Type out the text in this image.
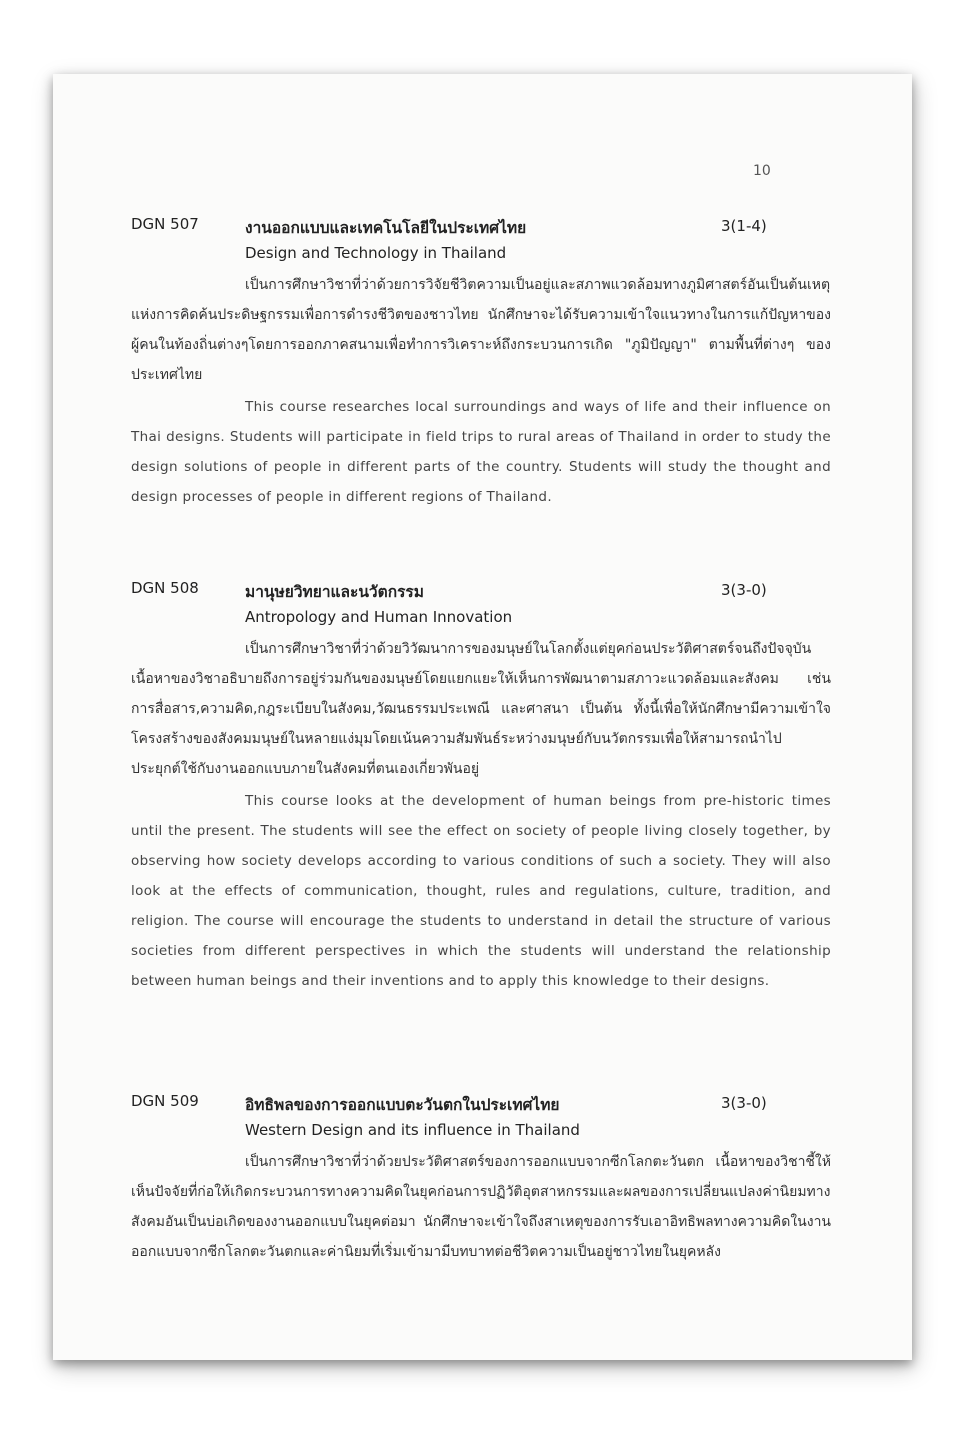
10
DGN 507	งานออกแบบและเทคโนโลยีในประเทศไทย	3(1-4)
Design and Technology in Thailand

เป็นการศึกษาวิชาที่ว่าด้วยการวิจัยชีวิตความเป็นอยู่และสภาพแวดล้อมทางภูมิศาสตร์อันเป็นต้นเหตุแห่งการคิดค้นประดิษฐกรรมเพื่อการดำรงชีวิตของชาวไทย นักศึกษาจะได้รับความเข้าใจแนวทางในการแก้ปัญหาของผู้คนในท้องถิ่นต่างๆโดยการออกภาคสนามเพื่อทำการวิเคราะห์ถึงกระบวนการเกิด "ภูมิปัญญา" ตามพื้นที่ต่างๆ ของประเทศไทย

This course researches local surroundings and ways of life and their influence on Thai designs. Students will participate in field trips to rural areas of Thailand in order to study the design solutions of people in different parts of the country. Students will study the thought and design processes of people in different regions of Thailand.

DGN 508	มานุษยวิทยาและนวัตกรรม	3(3-0)
Antropology and Human Innovation

เป็นการศึกษาวิชาที่ว่าด้วยวิวัฒนาการของมนุษย์ในโลกตั้งแต่ยุคก่อนประวัติศาสตร์จนถึงปัจจุบัน เนื้อหาของวิชาอธิบายถึงการอยู่ร่วมกันของมนุษย์โดยแยกแยะให้เห็นการพัฒนาตามสภาวะแวดล้อมและสังคม เช่น การสื่อสาร,ความคิด,กฎระเบียบในสังคม,วัฒนธรรมประเพณี และศาสนา เป็นต้น ทั้งนี้เพื่อให้นักศึกษามีความเข้าใจโครงสร้างของสังคมมนุษย์ในหลายแง่มุมโดยเน้นความสัมพันธ์ระหว่างมนุษย์กับนวัตกรรมเพื่อให้สามารถนำไปประยุกต์ใช้กับงานออกแบบภายในสังคมที่ตนเองเกี่ยวพันอยู่

This course looks at the development of human beings from pre-historic times until the present. The students will see the effect on society of people living closely together, by observing how society develops according to various conditions of such a society. They will also look at the effects of communication, thought, rules and regulations, culture, tradition, and religion. The course will encourage the students to understand in detail the structure of various societies from different perspectives in which the students will understand the relationship between human beings and their inventions and to apply this knowledge to their designs.

DGN 509	อิทธิพลของการออกแบบตะวันตกในประเทศไทย	3(3-0)
Western Design and its influence in Thailand

เป็นการศึกษาวิชาที่ว่าด้วยประวัติศาสตร์ของการออกแบบจากซีกโลกตะวันตก เนื้อหาของวิชาชี้ให้เห็นปัจจัยที่ก่อให้เกิดกระบวนการทางความคิดในยุคก่อนการปฏิวัติอุตสาหกรรมและผลของการเปลี่ยนแปลงค่านิยมทางสังคมอันเป็นบ่อเกิดของงานออกแบบในยุคต่อมา นักศึกษาจะเข้าใจถึงสาเหตุของการรับเอาอิทธิพลทางความคิดในงานออกแบบจากซีกโลกตะวันตกและค่านิยมที่เริ่มเข้ามามีบทบาทต่อชีวิตความเป็นอยู่ชาวไทยในยุคหลัง
